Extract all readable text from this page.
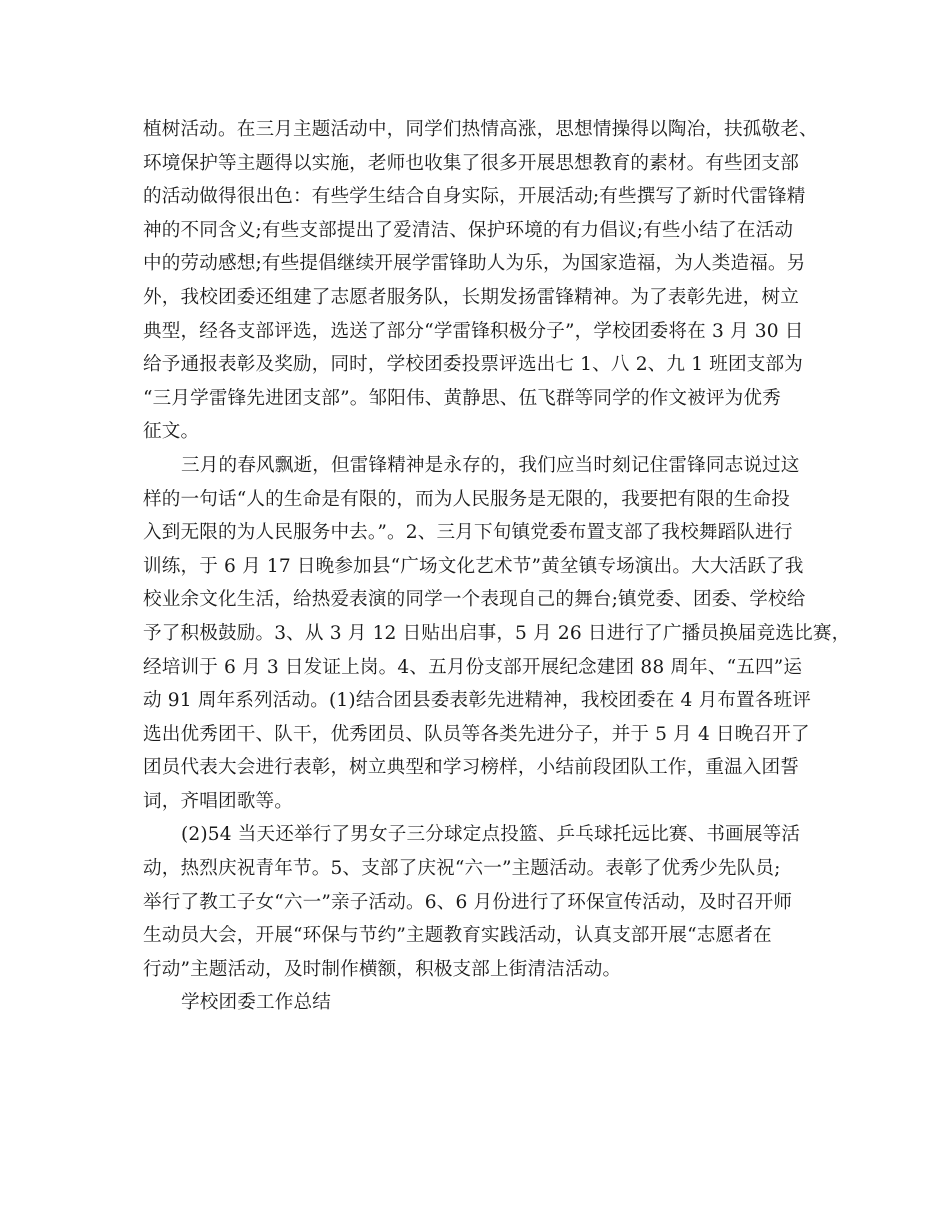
植树活动。在三月主题活动中，同学们热情高涨，思想情操得以陶冶，扶孤敬老、
环境保护等主题得以实施，老师也收集了很多开展思想教育的素材。有些团支部
的活动做得很出色：有些学生结合自身实际，开展活动;有些撰写了新时代雷锋精
神的不同含义;有些支部提出了爱清洁、保护环境的有力倡议;有些小结了在活动
中的劳动感想;有些提倡继续开展学雷锋助人为乐，为国家造福，为人类造福。另
外，我校团委还组建了志愿者服务队，长期发扬雷锋精神。为了表彰先进，树立
典型，经各支部评选，选送了部分“学雷锋积极分子”，学校团委将在 3 月 30 日
给予通报表彰及奖励，同时，学校团委投票评选出七 1、八 2、九 1 班团支部为
“三月学雷锋先进团支部”。邹阳伟、黄静思、伍飞群等同学的作文被评为优秀
征文。
三月的春风飘逝，但雷锋精神是永存的，我们应当时刻记住雷锋同志说过这
样的一句话“人的生命是有限的，而为人民服务是无限的，我要把有限的生命投
入到无限的为人民服务中去。”。2、三月下旬镇党委布置支部了我校舞蹈队进行
训练，于 6 月 17 日晚参加县“广场文化艺术节”黄坌镇专场演出。大大活跃了我
校业余文化生活，给热爱表演的同学一个表现自己的舞台;镇党委、团委、学校给
予了积极鼓励。3、从 3 月 12 日贴出启事，5 月 26 日进行了广播员换届竞选比赛，
经培训于 6 月 3 日发证上岗。4、五月份支部开展纪念建团 88 周年、“五四”运
动 91 周年系列活动。(1)结合团县委表彰先进精神，我校团委在 4 月布置各班评
选出优秀团干、队干，优秀团员、队员等各类先进分子，并于 5 月 4 日晚召开了
团员代表大会进行表彰，树立典型和学习榜样，小结前段团队工作，重温入团誓
词，齐唱团歌等。
(2)54 当天还举行了男女子三分球定点投篮、乒乓球托远比赛、书画展等活
动，热烈庆祝青年节。5、支部了庆祝“六一”主题活动。表彰了优秀少先队员;
举行了教工子女“六一”亲子活动。6、6 月份进行了环保宣传活动，及时召开师
生动员大会，开展“环保与节约”主题教育实践活动，认真支部开展“志愿者在
行动”主题活动，及时制作横额，积极支部上街清洁活动。
学校团委工作总结
